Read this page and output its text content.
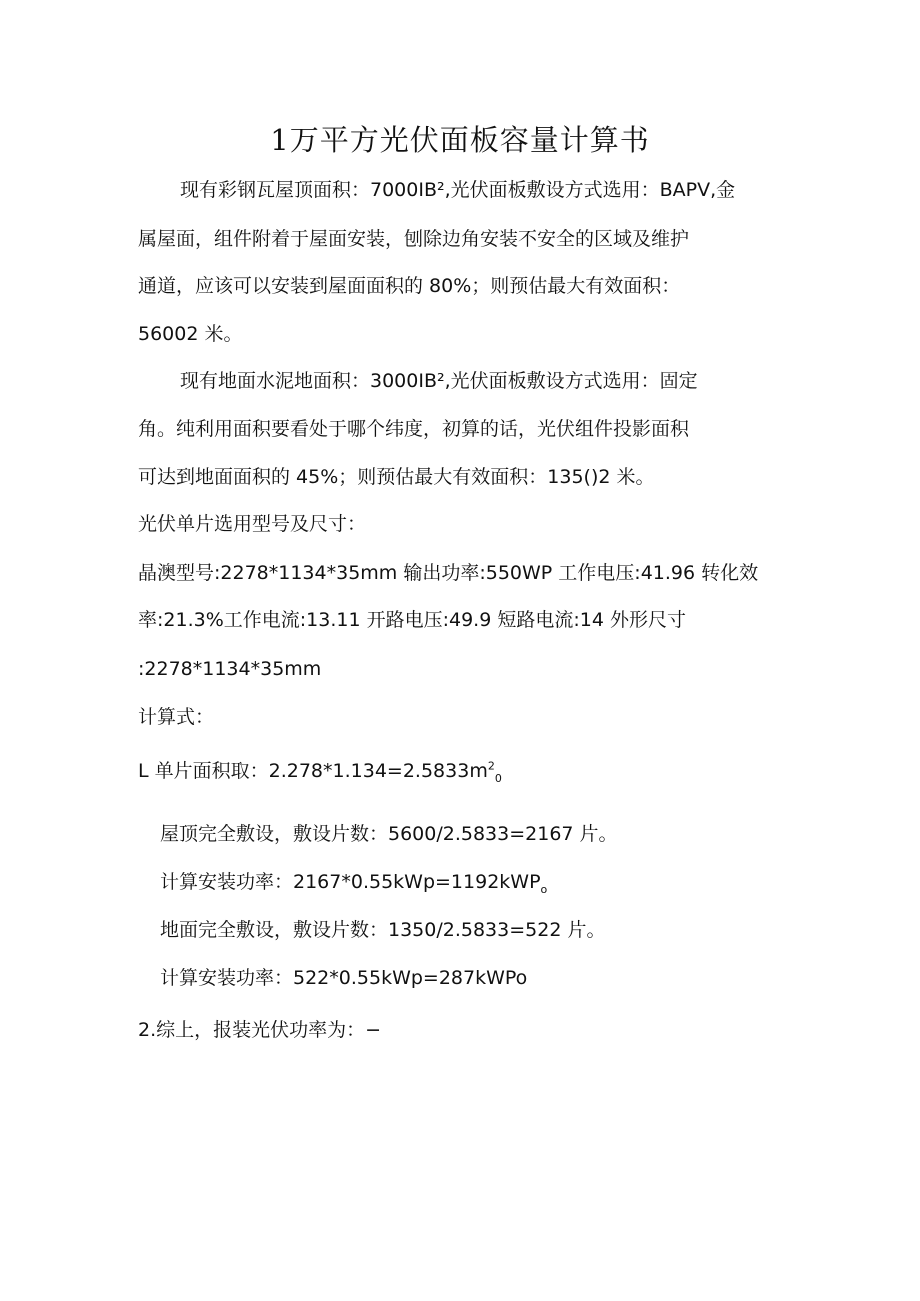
1万平方光伏面板容量计算书
现有彩钢瓦屋顶面积：7000IB²,光伏面板敷设方式选用：BAPV,金
属屋面，组件附着于屋面安装，刨除边角安装不安全的区域及维护
通道，应该可以安装到屋面面积的 80%；则预估最大有效面积：
56002 米。
现有地面水泥地面积：3000IB²,光伏面板敷设方式选用：固定
角。纯利用面积要看处于哪个纬度，初算的话，光伏组件投影面积
可达到地面面积的 45%；则预估最大有效面积：135()2 米。
光伏单片选用型号及尺寸：
晶澳型号:2278*1134*35mm 输出功率:550WP 工作电压:41.96 转化效
率:21.3%工作电流:13.11 开路电压:49.9 短路电流:14 外形尺寸
:2278*1134*35mm
计算式：
L 单片面积取：$2.278*1.134=2.5833m^2_0$
屋顶完全敷设，敷设片数：5600/2.5833=2167 片。
计算安装功率：2167*0.55kWp=1192kWP$_o$
地面完全敷设，敷设片数：1350/2.5833=522 片。
计算安装功率：522*0.55kWp=287kWPo
2.综上，报装光伏功率为：−
